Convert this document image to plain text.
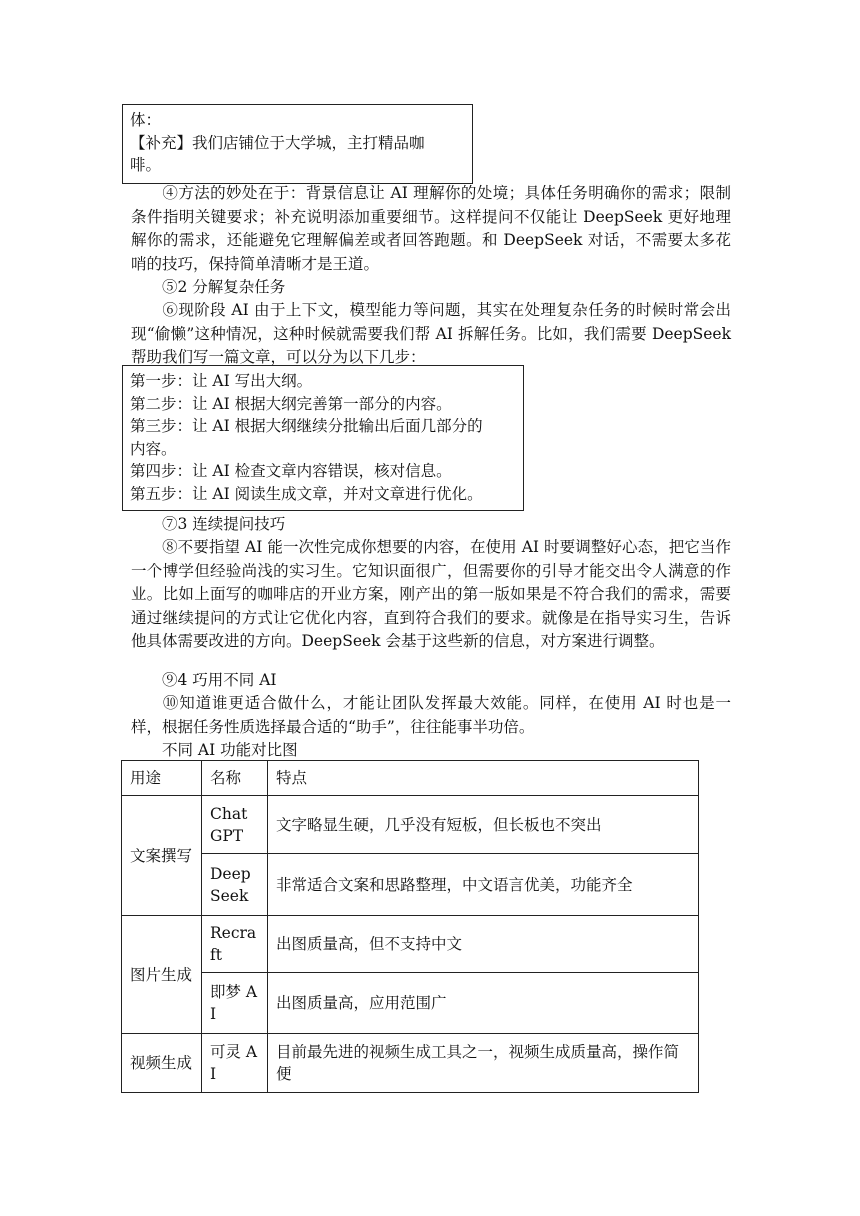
体：
【补充】我们店铺位于大学城，主打精品咖
啡。
④方法的妙处在于：背景信息让 AI 理解你的处境；具体任务明确你的需求；限制条件指明关键要求；补充说明添加重要细节。这样提问不仅能让 DeepSeek 更好地理解你的需求，还能避免它理解偏差或者回答跑题。和 DeepSeek 对话，不需要太多花哨的技巧，保持简单清晰才是王道。
⑤2 分解复杂任务
⑥现阶段 AI 由于上下文，模型能力等问题，其实在处理复杂任务的时候时常会出现“偷懒”这种情况，这种时候就需要我们帮 AI 拆解任务。比如，我们需要 DeepSeek 帮助我们写一篇文章，可以分为以下几步：
第一步：让 AI 写出大纲。
第二步：让 AI 根据大纲完善第一部分的内容。
第三步：让 AI 根据大纲继续分批输出后面几部分的
内容。
第四步：让 AI 检查文章内容错误，核对信息。
第五步：让 AI 阅读生成文章，并对文章进行优化。
⑦3 连续提问技巧
⑧不要指望 AI 能一次性完成你想要的内容，在使用 AI 时要调整好心态，把它当作一个博学但经验尚浅的实习生。它知识面很广，但需要你的引导才能交出令人满意的作业。比如上面写的咖啡店的开业方案，刚产出的第一版如果是不符合我们的需求，需要通过继续提问的方式让它优化内容，直到符合我们的要求。就像是在指导实习生，告诉他具体需要改进的方向。DeepSeek 会基于这些新的信息，对方案进行调整。
⑨4 巧用不同 AI
⑩知道谁更适合做什么，才能让团队发挥最大效能。同样，在使用 AI 时也是一样，根据任务性质选择最合适的“助手”，往往能事半功倍。
不同 AI 功能对比图
用途	名称	特点
文案撰写	ChatGPT	文字略显生硬，几乎没有短板，但长板也不突出
	DeepSeek	非常适合文案和思路整理，中文语言优美，功能齐全
图片生成	Recraft	出图质量高，但不支持中文
	即梦 AI	出图质量高，应用范围广
视频生成	可灵 AI	目前最先进的视频生成工具之一，视频生成质量高，操作简便
